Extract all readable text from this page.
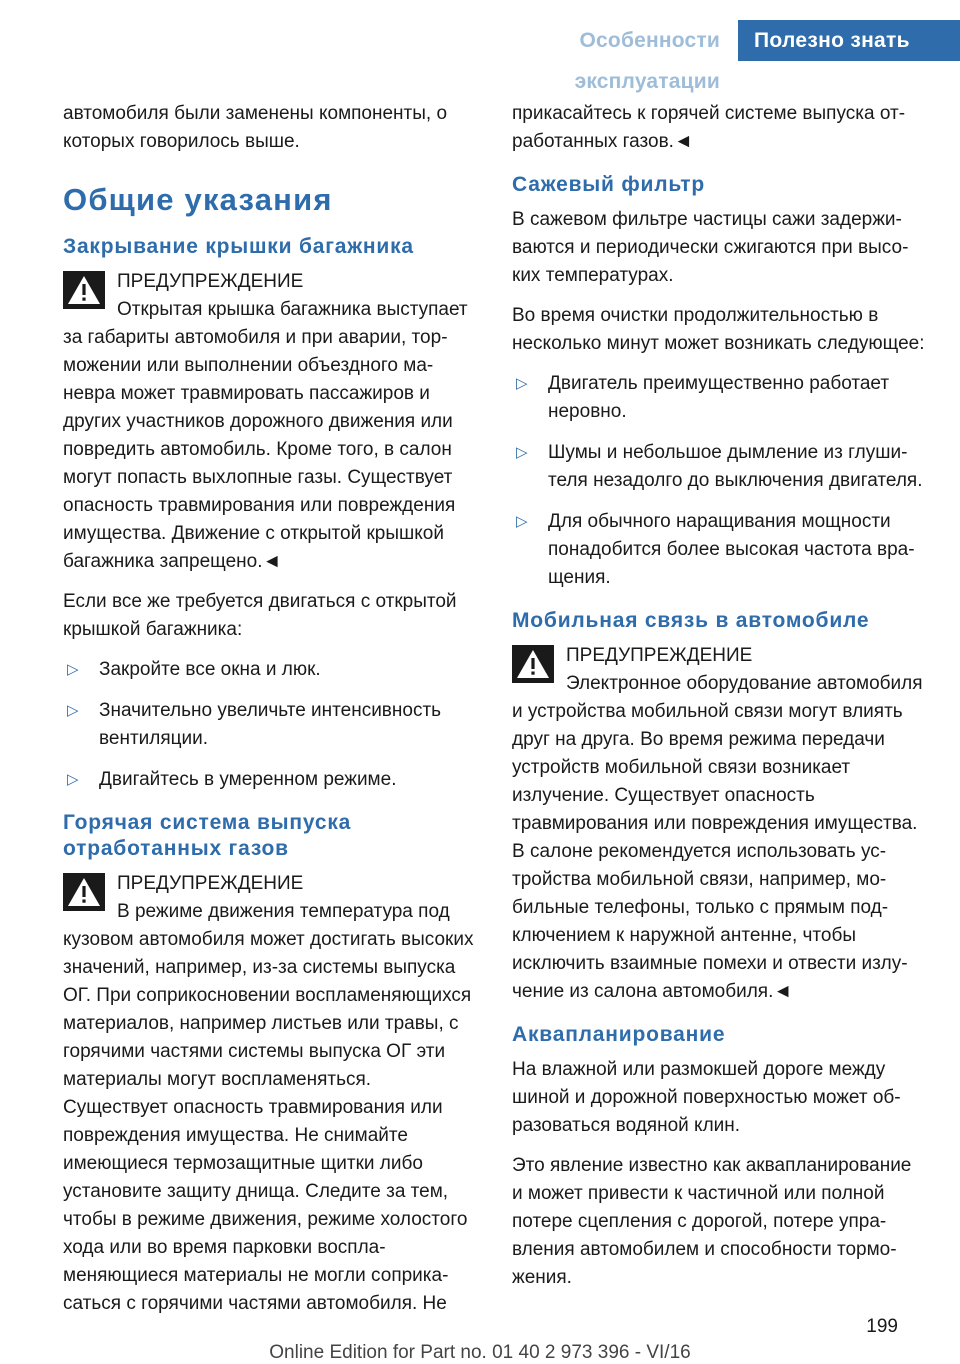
Особенности эксплуатации
Полезно знать

автомобиля были заменены компоненты, о которых говорилось выше.

Общие указания
Закрывание крышки багажника
ПРЕДУПРЕЖДЕНИЕ
Открытая крышка багажника выступает за габариты автомобиля и при аварии, торможении или выполнении объездного маневра может травмировать пассажиров и других участников дорожного движения или повредить автомобиль. Кроме того, в салон могут попасть выхлопные газы. Существует опасность травмирования или повреждения имущества. Движение с открытой крышкой багажника запрещено.◄

Если все же требуется двигаться с открытой крышкой багажника:

▷ Закройте все окна и люк.
▷ Значительно увеличьте интенсивность вентиляции.
▷ Двигайтесь в умеренном режиме.
Горячая система выпуска отработанных газов
ПРЕДУПРЕЖДЕНИЕ
В режиме движения температура под кузовом автомобиля может достигать высоких значений, например, из-за системы выпуска ОГ. При соприкосновении воспламеняющихся материалов, например листьев или травы, с горячими частями системы выпуска ОГ эти материалы могут воспламеняться. Существует опасность травмирования или повреждения имущества. Не снимайте имеющиеся термозащитные щитки либо установите защиту днища. Следите за тем, чтобы в режиме движения, режиме холостого хода или во время парковки воспламеняющиеся материалы не могли соприкасаться с горячими частями автомобиля. Не

прикасайтесь к горячей системе выпуска отработанных газов.◄

Сажевый фильтр

В сажевом фильтре частицы сажи задерживаются и периодически сжигаются при высоких температурах.

Во время очистки продолжительностью в несколько минут может возникать следующее:

▷ Двигатель преимущественно работает неровно.
▷ Шумы и небольшое дымление из глушителя незадолго до выключения двигателя.
▷ Для обычного наращивания мощности понадобится более высокая частота вращения.
Мобильная связь в автомобиле
ПРЕДУПРЕЖДЕНИЕ
Электронное оборудование автомобиля и устройства мобильной связи могут влиять друг на друга. Во время режима передачи устройств мобильной связи возникает излучение. Существует опасность травмирования или повреждения имущества. В салоне рекомендуется использовать устройства мобильной связи, например, мобильные телефоны, только с прямым подключением к наружной антенне, чтобы исключить взаимные помехи и отвести излучение из салона автомобиля.◄
Аквапланирование

На влажной или размокшей дороге между шиной и дорожной поверхностью может образоваться водяной клин.

Это явление известно как аквапланирование и может привести к частичной или полной потере сцепления с дорогой, потере управления автомобилем и способности торможения.

199
Online Edition for Part no. 01 40 2 973 396 - VI/16
